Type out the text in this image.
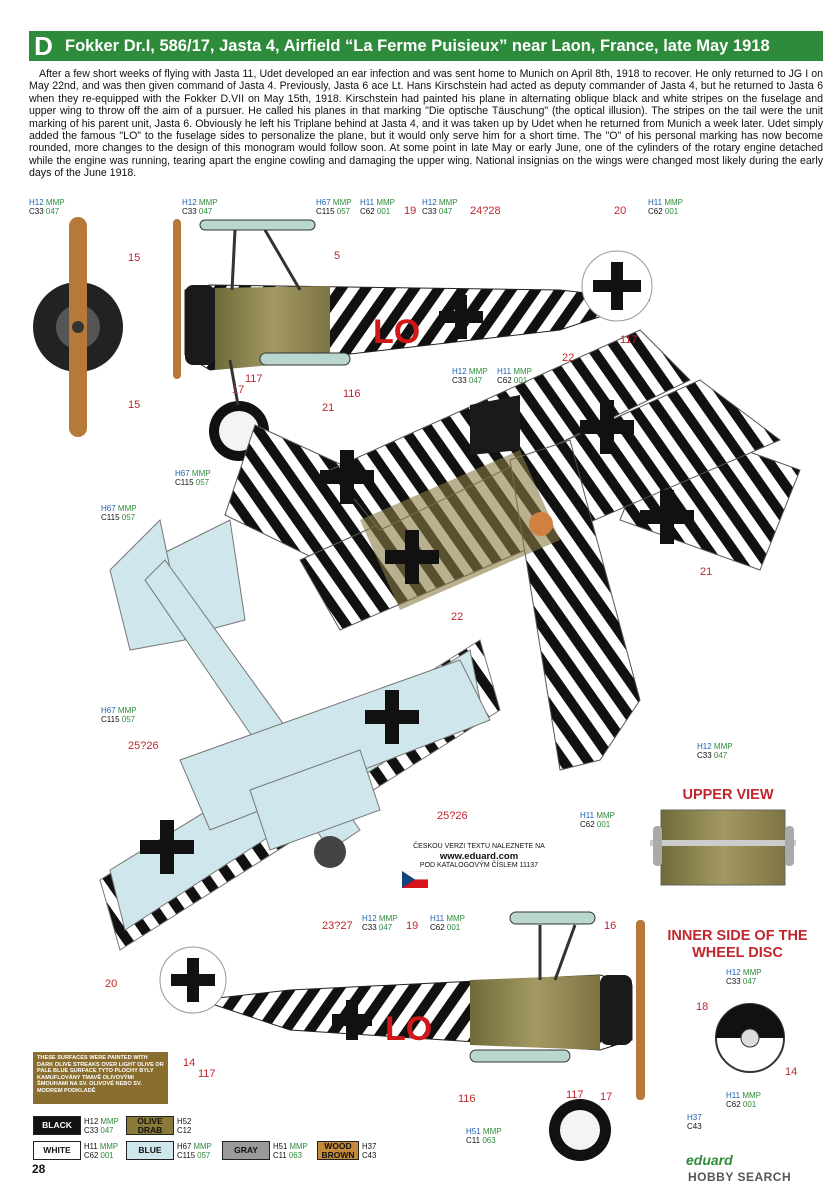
D Fokker Dr.I, 586/17, Jasta 4, Airfield “La Ferme Puisieux” near Laon, France, late May 1918
After a few short weeks of flying with Jasta 11, Udet developed an ear infection and was sent home to Munich on April 8th, 1918 to recover. He only returned to JG I on May 22nd, and was then given command of Jasta 4. Previously, Jasta 6 ace Lt. Hans Kirschstein had acted as deputy commander of Jasta 4, but he returned to Jasta 6 when they re-equipped with the Fokker D.VII on May 15th, 1918. Kirschstein had painted his plane in alternating oblique black and white stripes on the fuselage and upper wing to throw off the aim of a pursuer. He called his planes in that marking "Die optische Täuschung" (the optical illusion). The stripes on the tail were the unit marking of his parent unit, Jasta 6. Obviously he left his Triplane behind at Jasta 4, and it was taken up by Udet when he returned from Munich a week later. Udet simply added the famous "LO" to the fuselage sides to personalize the plane, but it would only serve him for a short time. The "O" of his personal marking has now become rounded, more changes to the design of this monogram would follow soon. At some point in late May or early June, one of the cylinders of the rotary engine detached while the engine was running, tearing apart the engine cowling and damaging the upper wing. National insignias on the wings were changed most likely during the early days of the June 1918.
LO
LO
H12 MMP
C33 047
H12 MMP
C33 047
H67 MMP
C115 057
H11 MMP
C62 001
H12 MMP
C33 047
H11 MMP
C62 001
H12 MMP
C33 047
H11 MMP
C62 001
H67 MMP
C115 057
H67 MMP
C115 057
H67 MMP
C115 057
H12 MMP
C33 047
H11 MMP
C62 001
H12 MMP
C33 047
H11 MMP
C62 001
H12 MMP
C33 047
H11 MMP
C62 001
H51 MMP
C11 063
H37
C43
15
15
5
19	24?28	20
117
17
117
116
22
21
21
22
25?26
25?26
23?27	19	16
20
14
117
116	117 17
18
14
UPPER VIEW
INNER SIDE OF THE WHEEL DISC
ČESKOU VERZI TEXTU NALEZNETE NA
www.eduard.com
POD KATALOGOVÝM ČÍSLEM 11137
THESE SURFACES WERE PAINTED WITH DARK OLIVE STREAKS OVER LIGHT OLIVE OR PALE BLUE SURFACE TYTO PLOCHY BYLY KAMUFLOVÁNY TMAVĚ OLIVOVÝMI ŠMOUHAMI NA SV. OLIVOVÉ NEBO SV. MODREM PODKLADĚ
BLACK	H12 MMP
C33 047
OLIVE DRAB
H52
C12
WHITE	H11 MMP
C62 001	BLUE	H67 MMP
C115 057	GRAY	H51 MMP
C11 063
WOOD BROWN
H37
C43
28
eduard
HOBBY SEARCH
